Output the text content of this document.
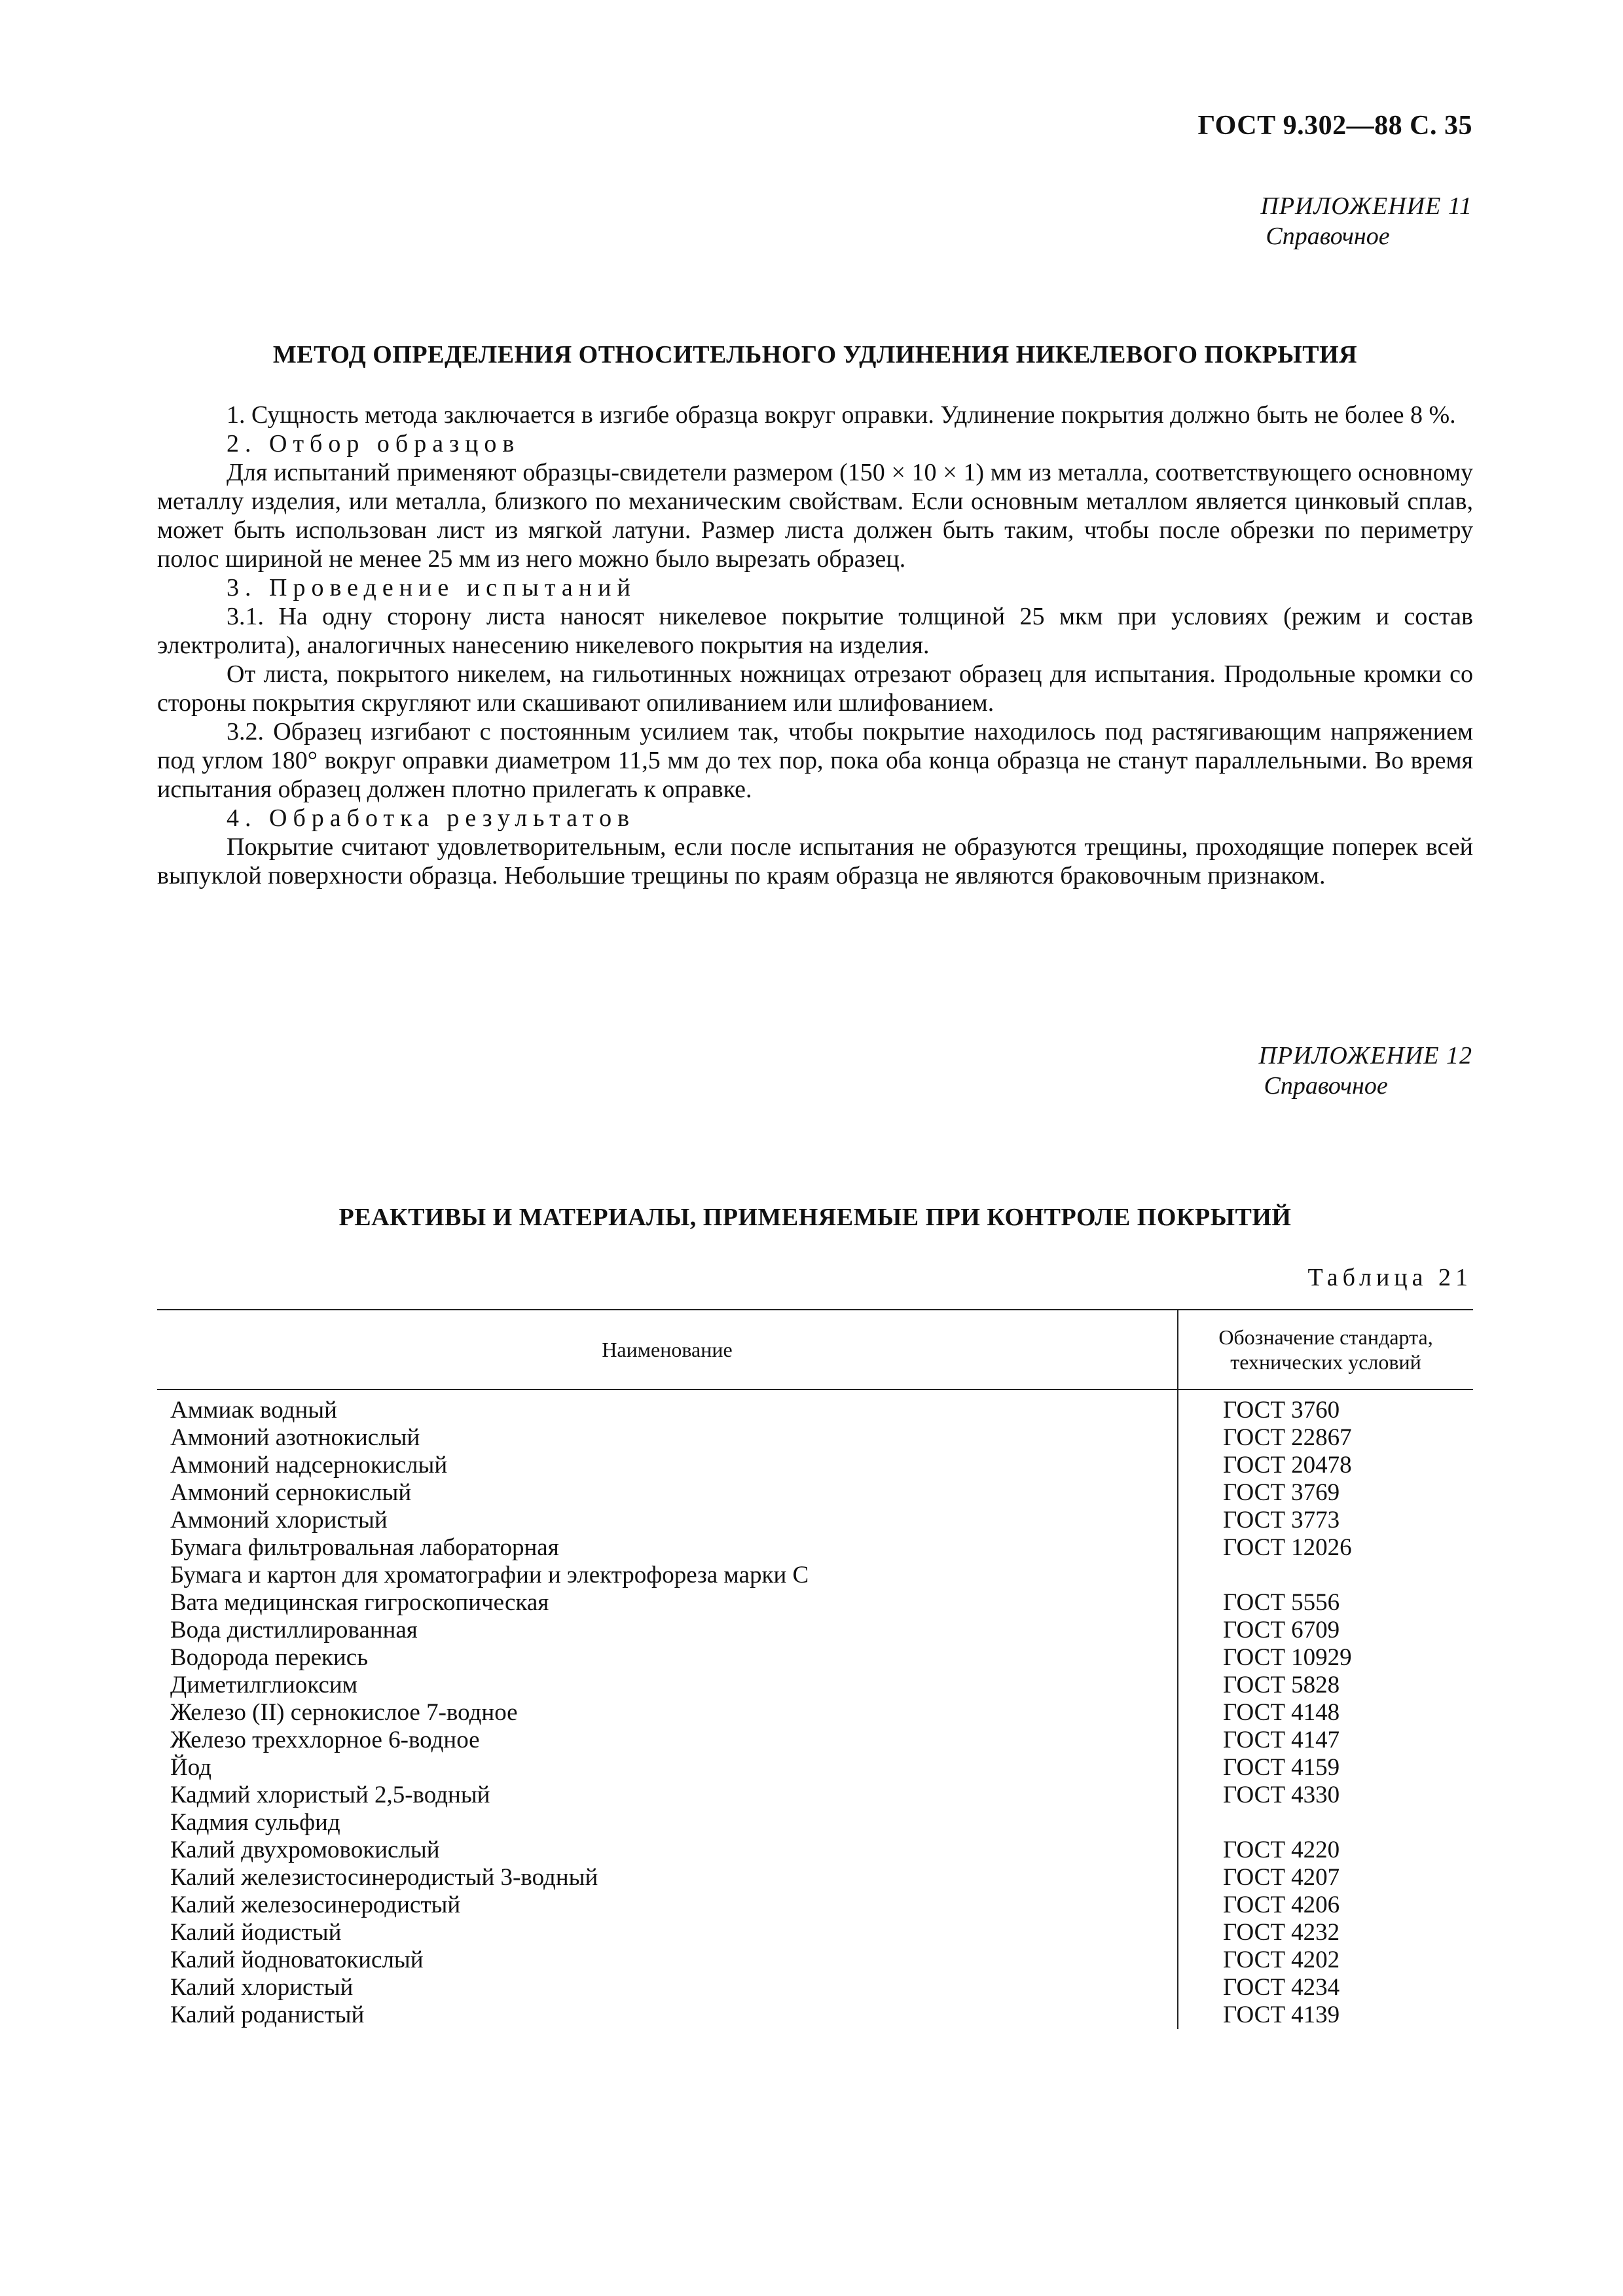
ГОСТ 9.302—88 С. 35
ПРИЛОЖЕНИЕ 11
Справочное
МЕТОД ОПРЕДЕЛЕНИЯ ОТНОСИТЕЛЬНОГО УДЛИНЕНИЯ НИКЕЛЕВОГО ПОКРЫТИЯ

1. Сущность метода заключается в изгибе образца вокруг оправки. Удлинение покрытия должно быть не более 8 %.

2. Отбор образцов

Для испытаний применяют образцы-свидетели размером (150 × 10 × 1) мм из металла, соответствующего основному металлу изделия, или металла, близкого по механическим свойствам. Если основным металлом является цинковый сплав, может быть использован лист из мягкой латуни. Размер листа должен быть таким, чтобы после обрезки по периметру полос шириной не менее 25 мм из него можно было вырезать образец.

3. Проведение испытаний

3.1. На одну сторону листа наносят никелевое покрытие толщиной 25 мкм при условиях (режим и состав электролита), аналогичных нанесению никелевого покрытия на изделия.

От листа, покрытого никелем, на гильотинных ножницах отрезают образец для испытания. Продольные кромки со стороны покрытия скругляют или скашивают опиливанием или шлифованием.

3.2. Образец изгибают с постоянным усилием так, чтобы покрытие находилось под растягивающим напряжением под углом 180° вокруг оправки диаметром 11,5 мм до тех пор, пока оба конца образца не станут параллельными. Во время испытания образец должен плотно прилегать к оправке.

4. Обработка результатов

Покрытие считают удовлетворительным, если после испытания не образуются трещины, проходящие поперек всей выпуклой поверхности образца. Небольшие трещины по краям образца не являются браковочным признаком.

ПРИЛОЖЕНИЕ 12
Справочное
РЕАКТИВЫ И МАТЕРИАЛЫ, ПРИМЕНЯЕМЫЕ ПРИ КОНТРОЛЕ ПОКРЫТИЙ
Таблица 21
Наименование
Обозначение стандарта,
технических условий
Аммиак водный
Аммоний азотнокислый
Аммоний надсернокислый
Аммоний сернокислый
Аммоний хлористый
Бумага фильтровальная лабораторная
Бумага и картон для хроматографии и электрофореза марки С
Вата медицинская гигроскопическая
Вода дистиллированная
Водорода перекись
Диметилглиоксим
Железо (II) сернокислое 7-водное
Железо треххлорное 6-водное
Йод
Кадмий хлористый 2,5-водный
Кадмия сульфид
Калий двухромовокислый
Калий железистосинеродистый 3-водный
Калий железосинеродистый
Калий йодистый
Калий йодноватокислый
Калий хлористый
Калий роданистый
ГОСТ 3760
ГОСТ 22867
ГОСТ 20478
ГОСТ 3769
ГОСТ 3773
ГОСТ 12026
ГОСТ 5556
ГОСТ 6709
ГОСТ 10929
ГОСТ 5828
ГОСТ 4148
ГОСТ 4147
ГОСТ 4159
ГОСТ 4330
ГОСТ 4220
ГОСТ 4207
ГОСТ 4206
ГОСТ 4232
ГОСТ 4202
ГОСТ 4234
ГОСТ 4139
